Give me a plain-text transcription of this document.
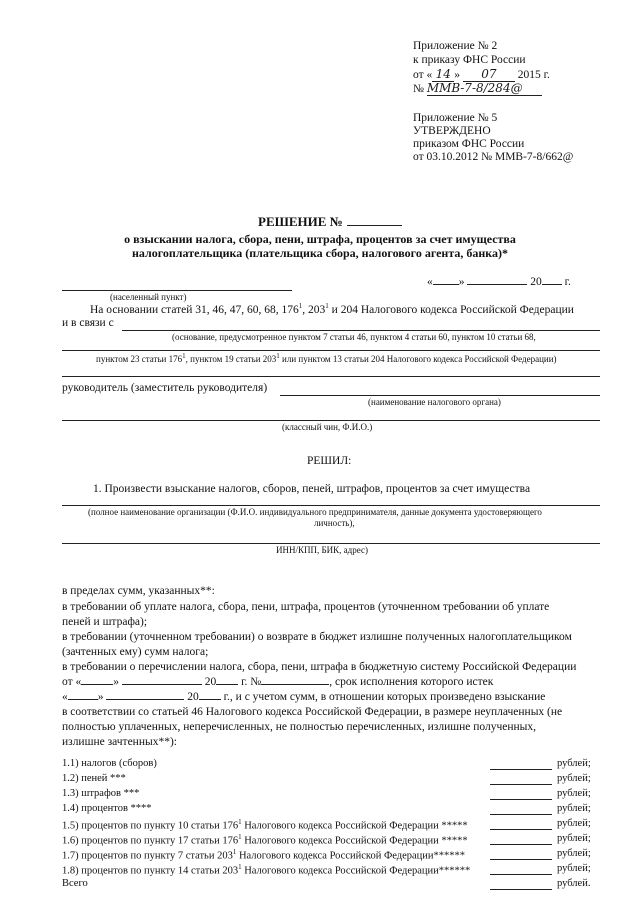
Приложение № 2
к приказу ФНС России
от « 14 » 07 2015 г.
№ ММВ-7-8/284@
Приложение № 5
УТВЕРЖДЕНО
приказом ФНС России
от 03.10.2012 № ММВ-7-8/662@
РЕШЕНИЕ №
о взыскании налога, сбора, пени, штрафа, процентов за счет имущества
налогоплательщика (плательщика сбора, налогового агента, банка)*
« »	20 г.
(населенный пункт)
На основании статей 31, 46, 47, 60, 68, $176^1$, $203^1$ и 204 Налогового кодекса Российской Федерации
и в связи с
(основание, предусмотренное пунктом 7 статьи 46, пунктом 4 статьи 60, пунктом 10 статьи 68,
пунктом 23 статьи $176^1$, пунктом 19 статьи $203^1$ или пунктом 13 статьи 204 Налогового кодекса Российской Федерации)
руководитель (заместитель руководителя)
(наименование налогового органа)
(классный чин, Ф.И.О.)
РЕШИЛ:
1. Произвести взыскание налогов, сборов, пеней, штрафов, процентов за счет имущества
(полное наименование организации (Ф.И.О. индивидуального предпринимателя, данные документа удостоверяющего
личность),
ИНН/КПП, БИК, адрес)
в пределах сумм, указанных**:
в требовании об уплате налога, сбора, пени, штрафа, процентов (уточненном требовании об уплате
пеней и штрафа);
в требовании (уточненном требовании) о возврате в бюджет излишне полученных налогоплательщиком
(зачтенных ему) сумм налога;
в требовании о перечислении налога, сбора, пени, штрафа в бюджетную систему Российской Федерации
от «	»	20 г. №	, срок исполнения которого истек
«	»	20 г., и с учетом сумм, в отношении которых произведено взыскание
в соответствии со статьей 46 Налогового кодекса Российской Федерации, в размере неуплаченных (не
полностью уплаченных, неперечисленных, не полностью перечисленных, излишне полученных,
излишне зачтенных**):
1.1) налогов (сборов)	рублей;
1.2) пеней ***	рублей;
1.3) штрафов ***	рублей;
1.4) процентов ****	рублей;
1.5) процентов по пункту 10 статьи $176^1$ Налогового кодекса Российской Федерации *****	рублей;
1.6) процентов по пункту 17 статьи $176^1$ Налогового кодекса Российской Федерации *****	рублей;
1.7) процентов по пункту 7 статьи $203^1$ Налогового кодекса Российской Федерации******	рублей;
1.8) процентов по пункту 14 статьи $203^1$ Налогового кодекса Российской Федерации******	рублей;
Всего	рублей.
